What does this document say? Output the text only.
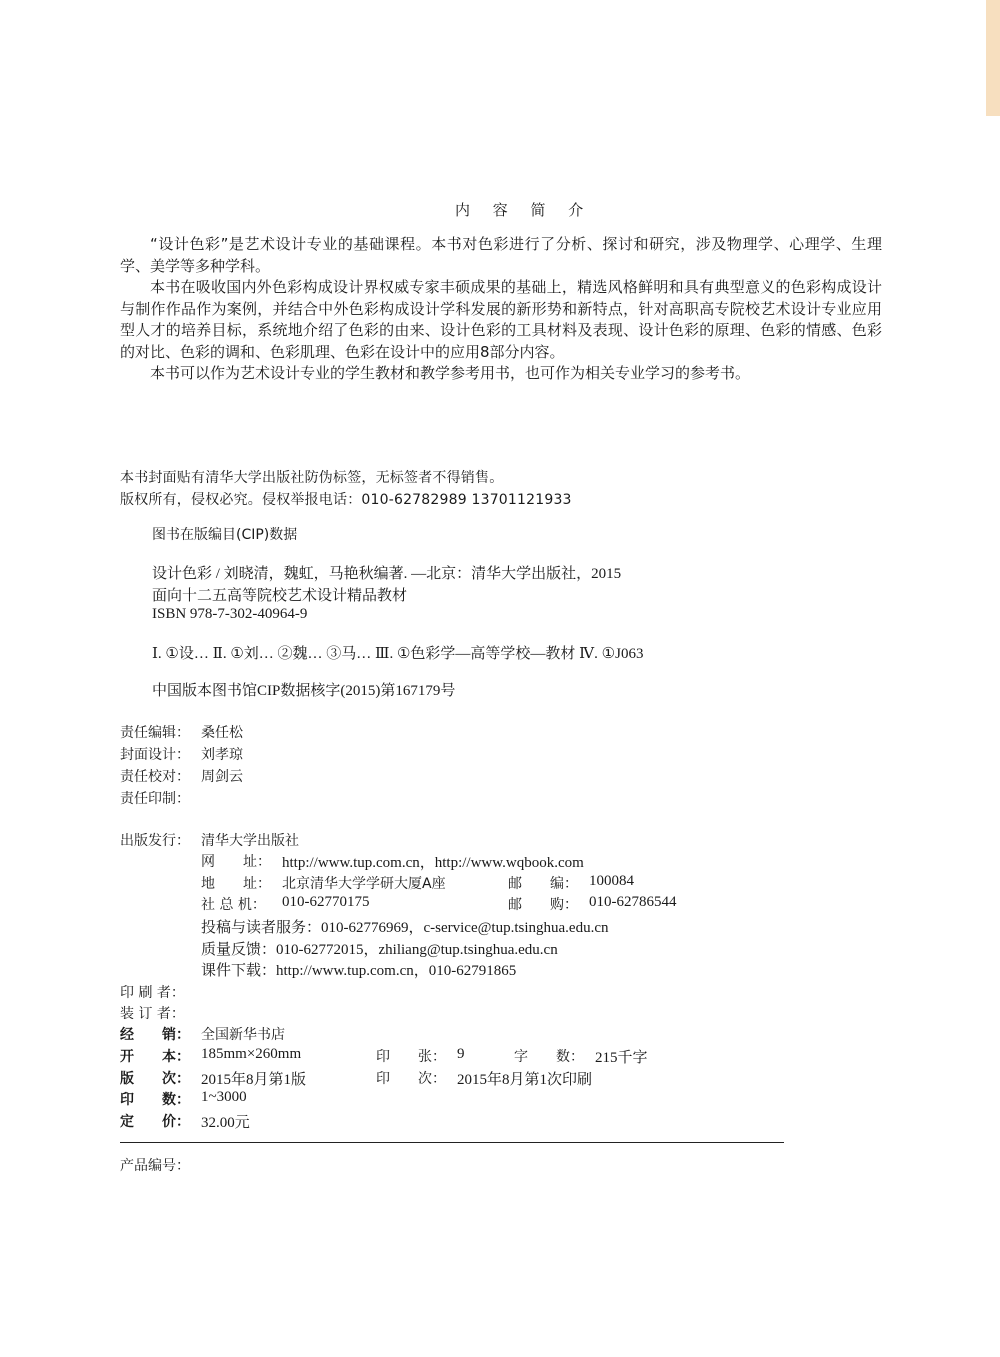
内 容 简 介

“设计色彩”是艺术设计专业的基础课程。本书对色彩进行了分析、探讨和研究，涉及物理学、心理学、生理学、美学等多种学科。

本书在吸收国内外色彩构成设计界权威专家丰硕成果的基础上，精选风格鲜明和具有典型意义的色彩构成设计与制作作品作为案例，并结合中外色彩构成设计学科发展的新形势和新特点，针对高职高专院校艺术设计专业应用型人才的培养目标，系统地介绍了色彩的由来、设计色彩的工具材料及表现、设计色彩的原理、色彩的情感、色彩的对比、色彩的调和、色彩肌理、色彩在设计中的应用8部分内容。

本书可以作为艺术设计专业的学生教材和教学参考用书，也可作为相关专业学习的参考书。

本书封面贴有清华大学出版社防伪标签，无标签者不得销售。
版权所有，侵权必究。侵权举报电话：010-62782989 13701121933
图书在版编目(CIP)数据
设计色彩 / 刘晓清，魏虹，马艳秋编著. —北京：清华大学出版社，2015
面向十二五高等院校艺术设计精品教材
ISBN 978-7-302-40964-9
Ⅰ. ①设… Ⅱ. ①刘… ②魏… ③马… Ⅲ. ①色彩学—高等学校—教材 Ⅳ. ①J063
中国版本图书馆CIP数据核字(2015)第167179号
责任编辑： 桑任松
封面设计： 刘孝琼
责任校对： 周剑云
责任印制：
出版发行： 清华大学出版社
网　　址： http://www.tup.com.cn，http://www.wqbook.com
地　　址： 北京清华大学学研大厦A座	邮　　编： 100084
社 总 机： 010-62770175	邮　　购： 010-62786544
投稿与读者服务：010-62776969，c-service@tup.tsinghua.edu.cn
质量反馈：010-62772015，zhiliang@tup.tsinghua.edu.cn
课件下载：http://www.tup.com.cn，010-62791865
印 刷 者：
装 订 者：
经　　销： 全国新华书店
开　　本： 185mm×260mm	印　　张： 9	字　　数： 215千字
版　　次： 2015年8月第1版	印　　次： 2015年8月第1次印刷
印　　数： 1~3000
定　　价： 32.00元
产品编号：
